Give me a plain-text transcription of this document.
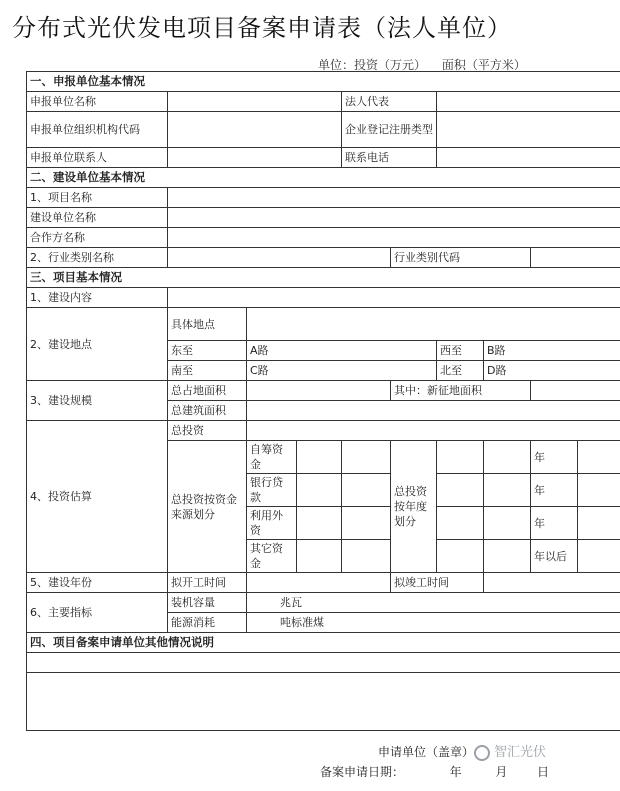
分布式光伏发电项目备案申请表（法人单位）
单位：投资（万元） 面积（平方米）
一、申报单位基本情况									
申报单位名称				法人代表					
申报单位组织机构代码				企业登记注册类型					
申报单位联系人				联系电话					
二、建设单位基本情况									
1、项目名称									
建设单位名称									
合作方名称									
2、行业类别名称					行业类别代码				
三、项目基本情况									
1、建设内容									
2、建设地点	具体地点								
	东至	A路				西至	B路		
	南至	C路				北至	D路		
3、建设规模	总占地面积				其中：新征地面积				
	总建筑面积								
4、投资估算	总投资								
	总投资按资金来源划分	自筹资金			总投资按年度划分			年	
		银行贷款						年	
		利用外资						年	
		其它资金						年以后	
5、建设年份	拟开工时间				拟竣工时间				
6、主要指标	装机容量	兆瓦							
	能源消耗	吨标准煤							
四、项目备案申请单位其他情况说明									

申请单位（盖章）
备案申请日期：	年	月 日
智汇光伏
